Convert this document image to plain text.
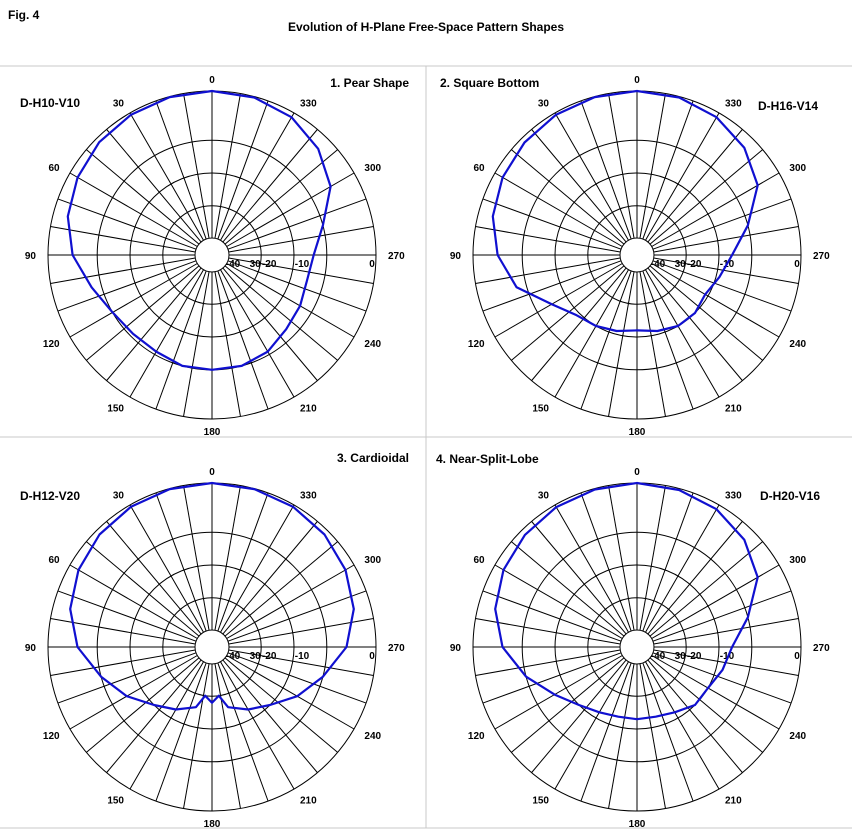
Fig. 4
Evolution of H-Plane Free-Space Pattern Shapes
0
30
60
90
120
150
180
210
240
270
300
330
-40 30 -20 -10	0
1. Pear Shape
D-H10-V10
0
30
60
90
120
150
180
210
240
270
300
330
-40 30 -20 -10	0
2. Square Bottom
D-H16-V14
0
30
60
90
120
150
180
210
240
270
300
330
-40 30 -20 -10	0
3. Cardioidal
D-H12-V20
0
30
60
90
120
150
180
210
240
270
300
330
-40 30 -20 -10	0
4. Near-Split-Lobe
D-H20-V16
